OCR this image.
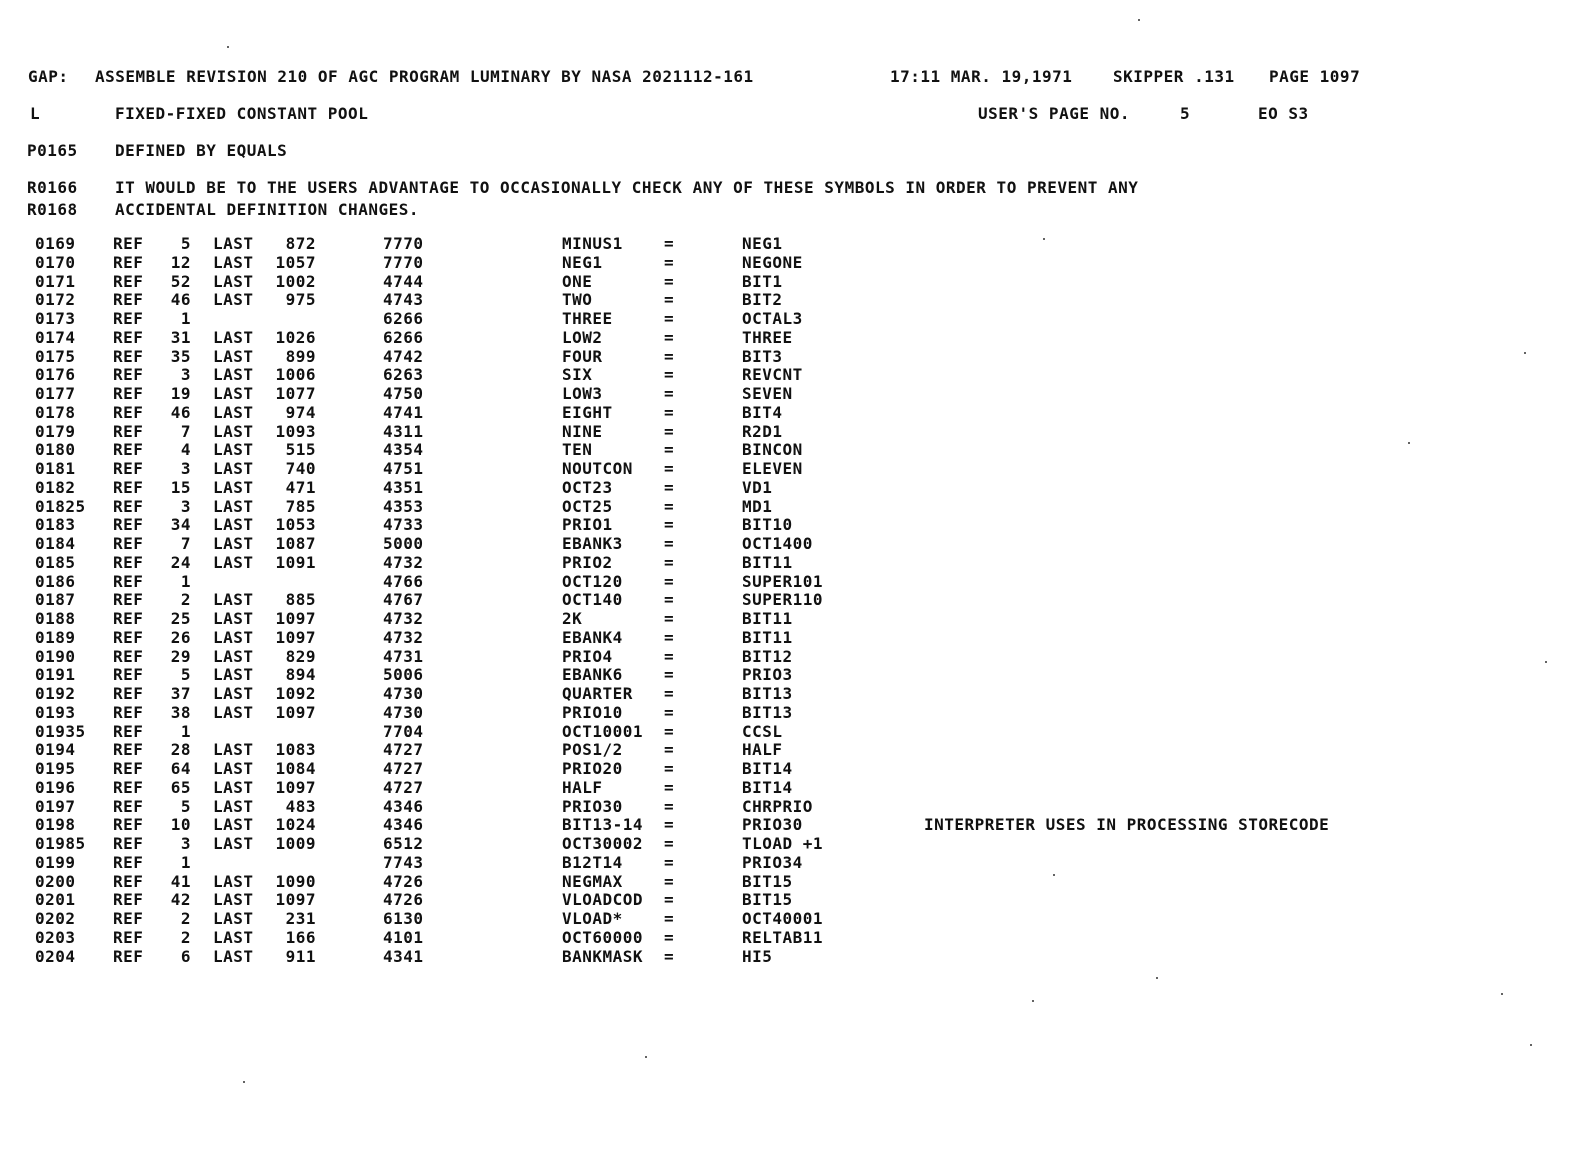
GAP: ASSEMBLE REVISION 210 OF AGC PROGRAM LUMINARY BY NASA 2021112-161	17:11 MAR. 19,1971	SKIPPER .131 PAGE 1097
L	FIXED-FIXED CONSTANT POOL	USER'S PAGE NO.	5	EO S3
P0165 DEFINED BY EQUALS
R0166 IT WOULD BE TO THE USERS ADVANTAGE TO OCCASIONALLY CHECK ANY OF THESE SYMBOLS IN ORDER TO PREVENT ANY
R0168 ACCIDENTAL DEFINITION CHANGES.
0169 REF	5 LAST	872	7770	MINUS1	=	NEG1
0170 REF	12 LAST	1057	7770	NEG1	=	NEGONE
0171 REF	52 LAST	1002	4744	ONE	=	BIT1
0172 REF	46 LAST	975	4743	TWO	=	BIT2
0173 REF	1	6266	THREE	=	OCTAL3
0174 REF	31 LAST	1026	6266	LOW2	=	THREE
0175 REF	35 LAST	899	4742	FOUR	=	BIT3
0176 REF	3 LAST	1006	6263	SIX	=	REVCNT
0177 REF	19 LAST	1077	4750	LOW3	=	SEVEN
0178 REF	46 LAST	974	4741	EIGHT	=	BIT4
0179 REF	7 LAST	1093	4311	NINE	=	R2D1
0180 REF	4 LAST	515	4354	TEN	=	BINCON
0181 REF	3 LAST	740	4751	NOUTCON =	ELEVEN
0182 REF	15 LAST	471	4351	OCT23	=	VD1
01825 REF	3 LAST	785	4353	OCT25	=	MD1
0183 REF	34 LAST	1053	4733	PRIO1	=	BIT10
0184 REF	7 LAST	1087	5000	EBANK3	=	OCT1400
0185 REF	24 LAST	1091	4732	PRIO2	=	BIT11
0186 REF	1	4766	OCT120	=	SUPER101
0187 REF	2 LAST	885	4767	OCT140	=	SUPER110
0188 REF	25 LAST	1097	4732	2K	=	BIT11
0189 REF	26 LAST	1097	4732	EBANK4	=	BIT11
0190 REF	29 LAST	829	4731	PRIO4	=	BIT12
0191 REF	5 LAST	894	5006	EBANK6	=	PRIO3
0192 REF	37 LAST	1092	4730	QUARTER =	BIT13
0193 REF	38 LAST	1097	4730	PRIO10	=	BIT13
01935 REF	1	7704	OCT10001 =	CCSL
0194 REF	28 LAST	1083	4727	POS1/2	=	HALF
0195 REF	64 LAST	1084	4727	PRIO20	=	BIT14
0196 REF	65 LAST	1097	4727	HALF	=	BIT14
0197 REF	5 LAST	483	4346	PRIO30	=	CHRPRIO
0198 REF	10 LAST	1024	4346	BIT13-14 =	PRIO30	INTERPRETER USES IN PROCESSING STORECODE
01985 REF	3 LAST	1009	6512	OCT30002 =	TLOAD +1
0199 REF	1	7743	B12T14	=	PRIO34
0200 REF	41 LAST	1090	4726	NEGMAX	=	BIT15
0201 REF	42 LAST	1097	4726	VLOADCOD =	BIT15
0202 REF	2 LAST	231	6130	VLOAD*	=	OCT40001
0203 REF	2 LAST	166	4101	OCT60000 =	RELTAB11
0204 REF	6 LAST	911	4341	BANKMASK =	HI5
